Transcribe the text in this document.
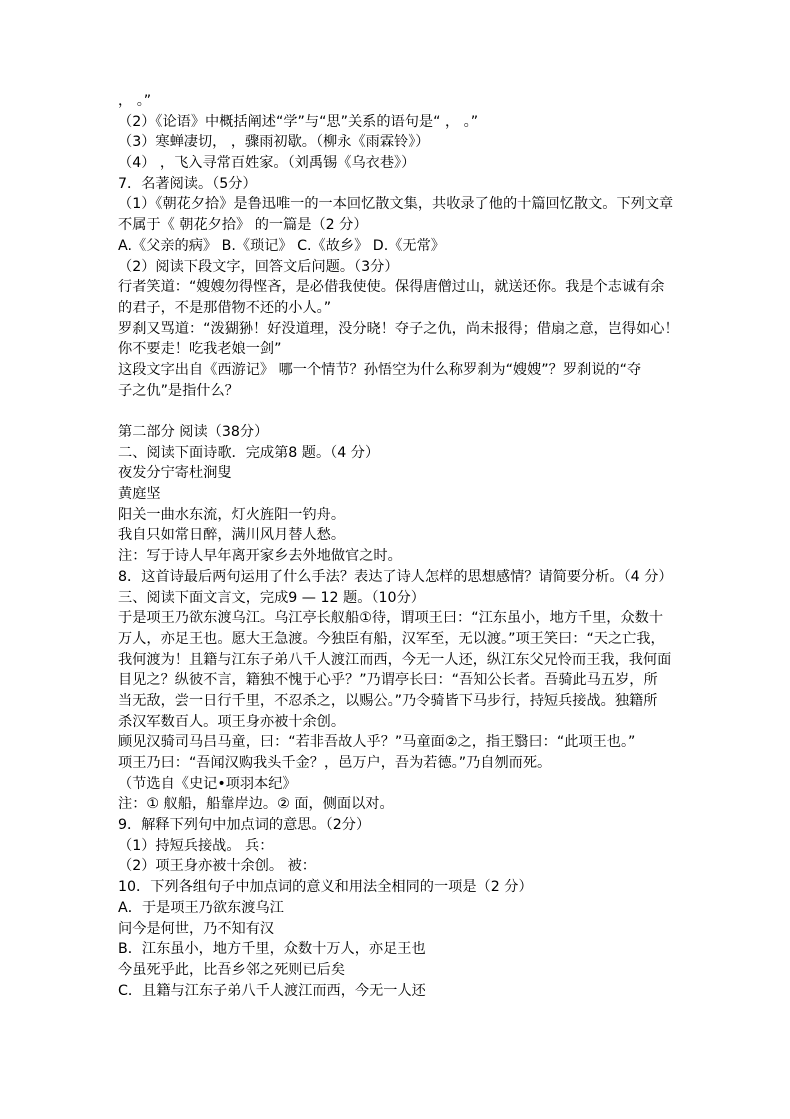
， 。”
（2）《论语》中概括阐述“学”与“思”关系的语句是“ ， 。”
（3）寒蝉凄切， ，骤雨初歇。（柳永《雨霖铃》）
（4） ，飞入寻常百姓家。（刘禹锡《乌衣巷》）
7．名著阅读。（5分）
（1）《朝花夕拾》是鲁迅唯一的一本回忆散文集，共收录了他的十篇回忆散文。下列文章
不属于《 朝花夕拾》 的一篇是（2 分）
A.《父亲的病》 B.《琐记》 C.《故乡》 D.《无常》
（2）阅读下段文字，回答文后问题。（3分）
行者笑道：“嫂嫂勿得悭吝，是必借我使使。保得唐僧过山，就送还你。我是个志诚有余
的君子，不是那借物不还的小人。”
罗刹又骂道：“泼猢狲！好没道理，没分晓！夺子之仇，尚未报得；借扇之意，岂得如心！
你不要走！吃我老娘一剑”
这段文字出自《西游记》 哪一个情节？孙悟空为什么称罗刹为“嫂嫂”？罗刹说的“夺
子之仇”是指什么？
第二部分 阅读（38分）
二、阅读下面诗歌．完成第8 题。（4 分）
夜发分宁寄杜涧叟
黄庭坚
阳关一曲水东流，灯火旌阳一钓舟。
我自只如常日醉，满川风月替人愁。
注：写于诗人早年离开家乡去外地做官之时。
8．这首诗最后两句运用了什么手法？表达了诗人怎样的思想感情？请简要分析。（4 分）
三、阅读下面文言文，完成9 — 12 题。（10分）
于是项王乃欲东渡乌江。乌江亭长舣船①待，谓项王曰：“江东虽小，地方千里，众数十
万人，亦足王也。愿大王急渡。今独臣有船，汉军至，无以渡。”项王笑曰：“天之亡我，
我何渡为！且籍与江东子弟八千人渡江而西，今无一人还，纵江东父兄怜而王我，我何面
目见之？纵彼不言，籍独不愧于心乎？”乃谓亭长曰：“吾知公长者。吾骑此马五岁，所
当无敌，尝一日行千里，不忍杀之，以赐公。”乃令骑皆下马步行，持短兵接战。独籍所
杀汉军数百人。项王身亦被十余创。
顾见汉骑司马吕马童，曰：“若非吾故人乎？”马童面②之，指王翳曰：“此项王也。”
项王乃曰：“吾闻汉购我头千金？，邑万户，吾为若德。”乃自刎而死。
（节选自《史记•项羽本纪》
注：① 舣船，船靠岸边。② 面，侧面以对。
9．解释下列句中加点词的意思。（2分）
（1）持短兵接战。 兵：
（2）项王身亦被十余创。 被：
10．下列各组句子中加点词的意义和用法全相同的一项是（2 分）
A．于是项王乃欲东渡乌江
问今是何世，乃不知有汉
B．江东虽小，地方千里，众数十万人，亦足王也
今虽死乎此，比吾乡邻之死则已后矣
C．且籍与江东子弟八千人渡江而西，今无一人还
